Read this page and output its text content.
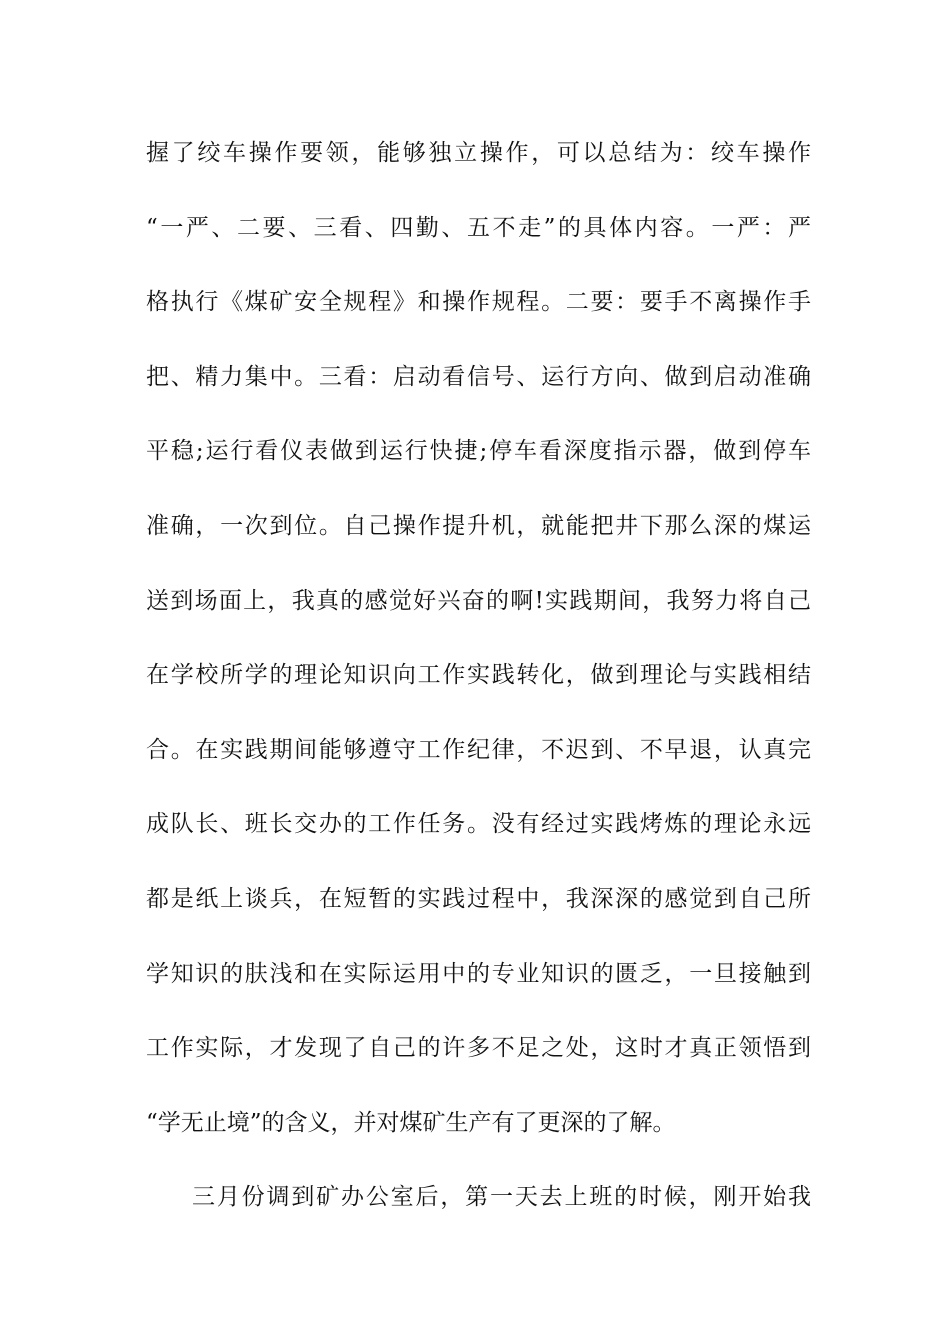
握了绞车操作要领，能够独立操作，可以总结为：绞车操作
“一严、二要、三看、四勤、五不走”的具体内容。一严：严
格执行《煤矿安全规程》和操作规程。二要：要手不离操作手
把、精力集中。三看：启动看信号、运行方向、做到启动准确
平稳;运行看仪表做到运行快捷;停车看深度指示器，做到停车
准确，一次到位。自己操作提升机，就能把井下那么深的煤运
送到场面上，我真的感觉好兴奋的啊!实践期间，我努力将自己
在学校所学的理论知识向工作实践转化，做到理论与实践相结
合。在实践期间能够遵守工作纪律，不迟到、不早退，认真完
成队长、班长交办的工作任务。没有经过实践烤炼的理论永远
都是纸上谈兵，在短暂的实践过程中，我深深的感觉到自己所
学知识的肤浅和在实际运用中的专业知识的匮乏，一旦接触到
工作实际，才发现了自己的许多不足之处，这时才真正领悟到
“学无止境”的含义，并对煤矿生产有了更深的了解。
三月份调到矿办公室后，第一天去上班的时候，刚开始我
